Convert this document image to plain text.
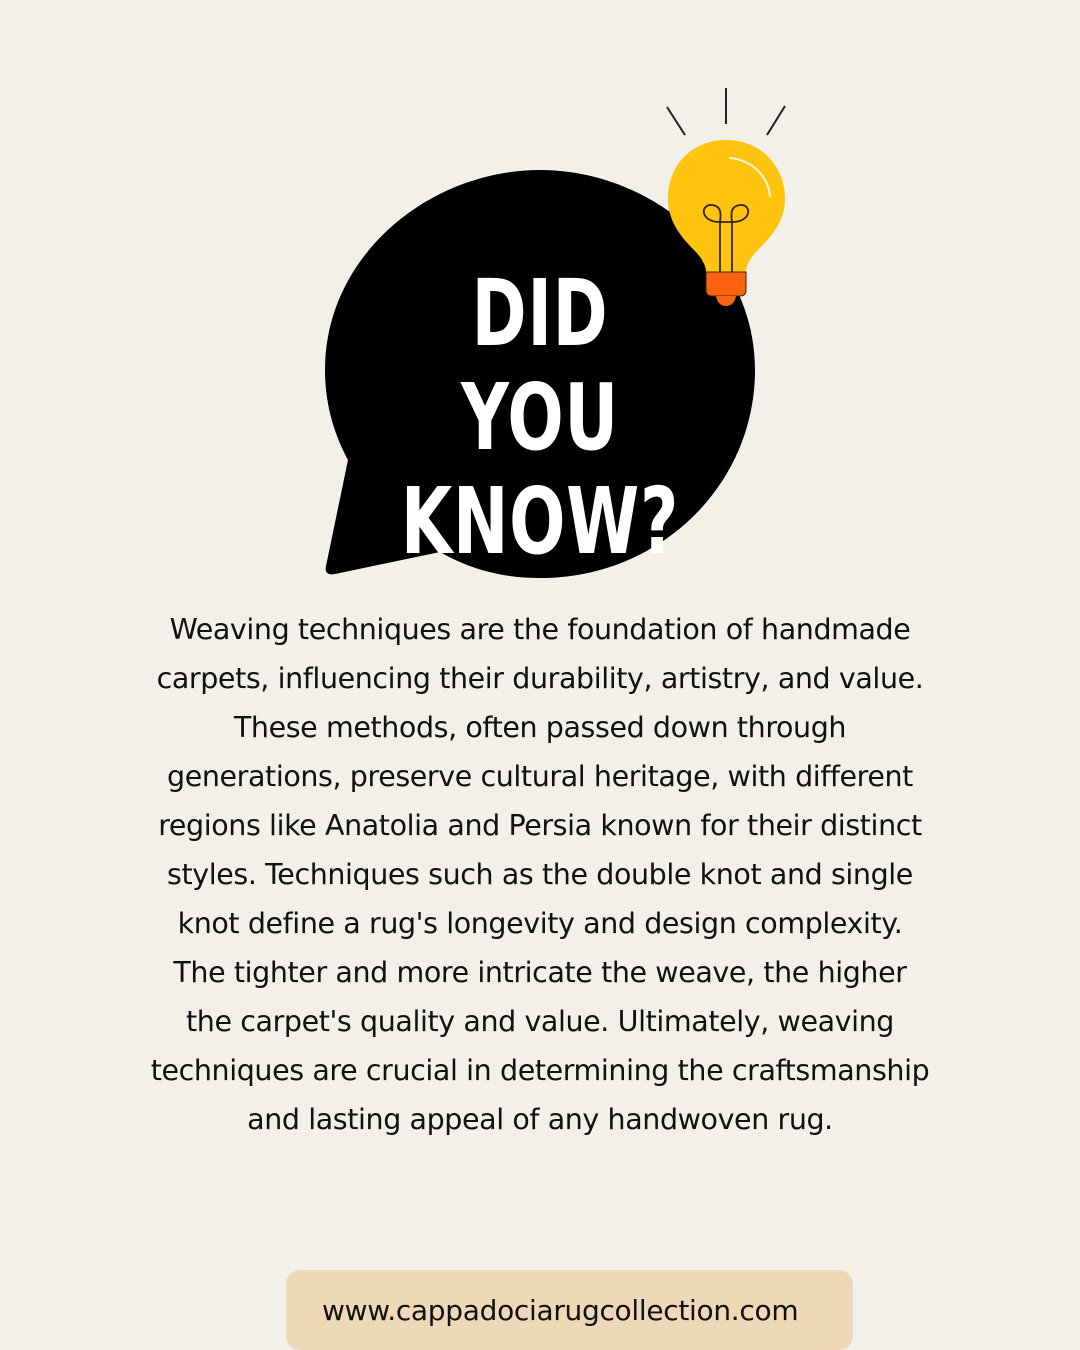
DID YOU
KNOW?
Weaving techniques are the foundation of handmade carpets, influencing their durability, artistry, and value. These methods, often passed down through generations, preserve cultural heritage, with different regions like Anatolia and Persia known for their distinct styles. Techniques such as the double knot and single knot define a rug's longevity and design complexity. The tighter and more intricate the weave, the higher the carpet's quality and value. Ultimately, weaving techniques are crucial in determining the craftsmanship and lasting appeal of any handwoven rug.
www.cappadociarugcollection.com
